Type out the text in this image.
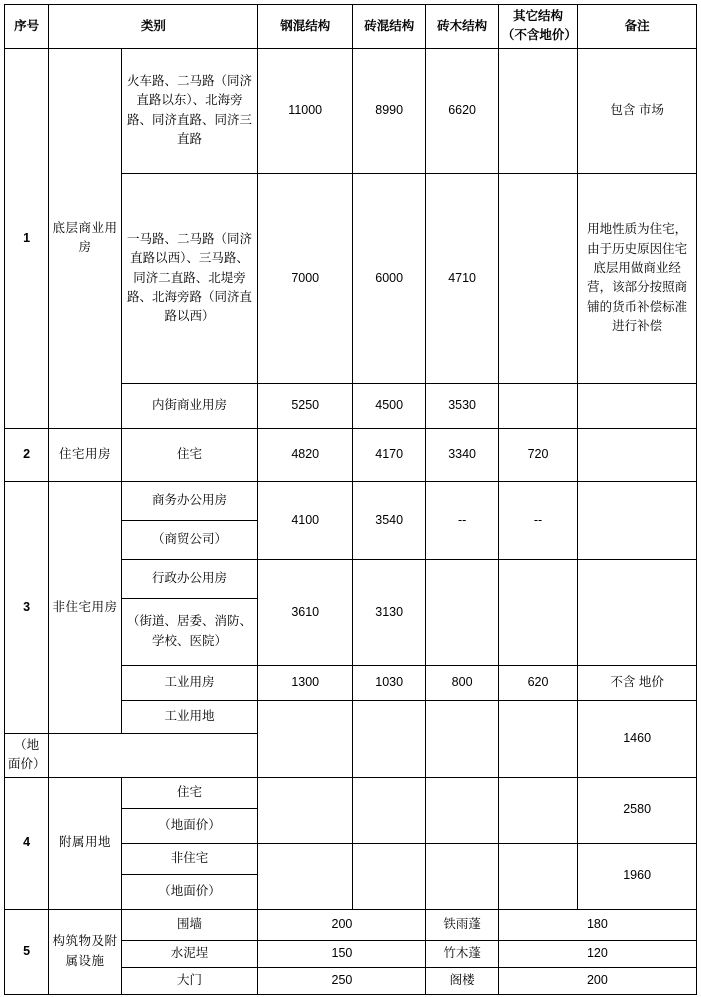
序号	类别		钢混结构	砖混结构	砖木结构	其它结构（不含地价）	备注
1	底层商业用房	火车路、二马路（同济直路以东）、北海旁路、同济直路、同济三直路	11000	8990	6620		包含 市场
		一马路、二马路（同济直路以西）、三马路、同济二直路、北堤旁路、北海旁路（同济直路以西）	7000	6000	4710		用地性质为住宅，由于历史原因住宅底层用做商业经营，该部分按照商铺的货币补偿标准进行补偿
		内街商业用房	5250	4500	3530		
2	住宅用房	住宅	4820	4170	3340	720	
3	非住宅用房	商务办公用房	4100	3540	--	--	
		（商贸公司）					
		行政办公用房	3610	3130			
		（街道、居委、消防、学校、医院）					
		工业用房	1300	1030	800	620	不含 地价
		工业用地					1460
（地面价）							
4	附属用地	住宅					2580
		（地面价）					
		非住宅					1960
		（地面价）					
5	构筑物及附属设施	围墙	200		铁雨蓬	180	
		水泥埕	150		竹木蓬	120	
		大门	250		阁楼	200	
